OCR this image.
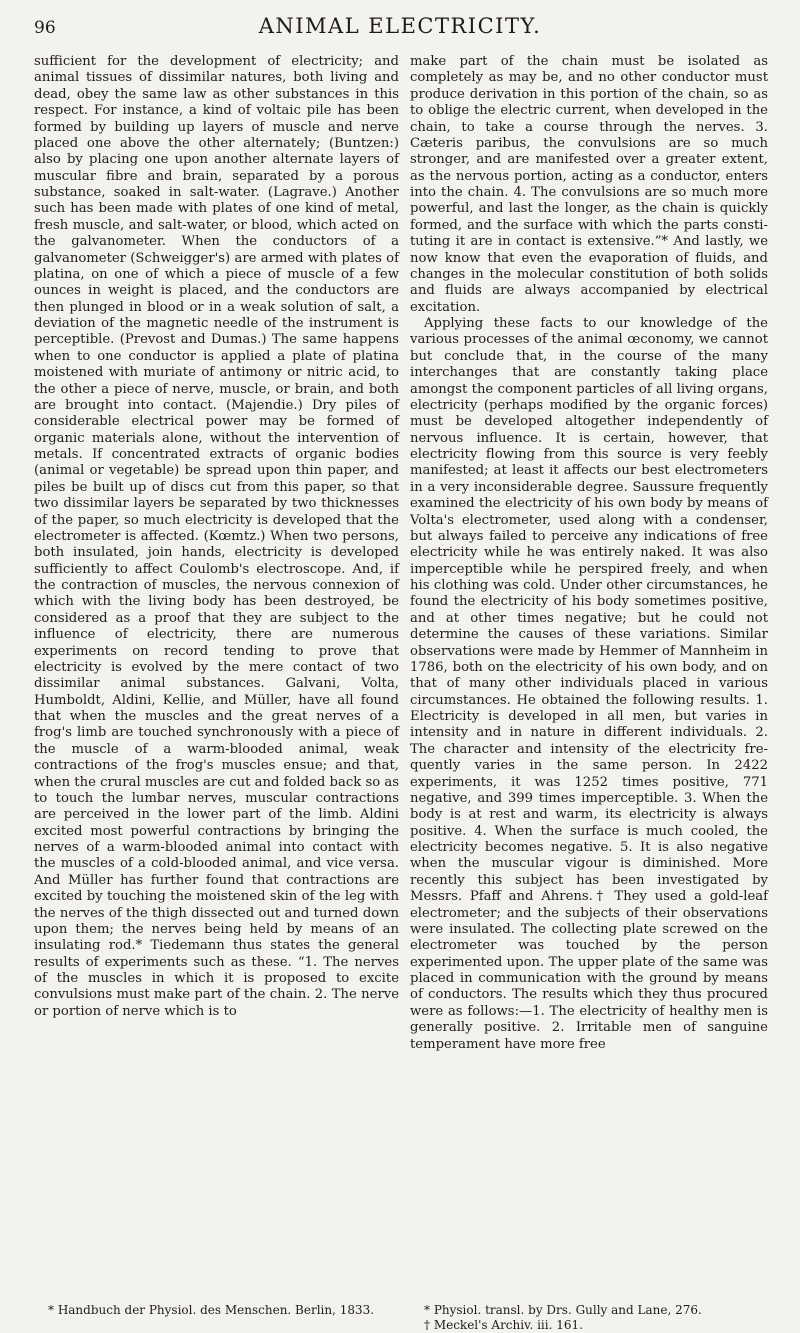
ANIMAL ELECTRICITY.
96

sufficient for the development of electricity; and animal tissues of dissimilar natures, both living and dead, obey the same law as other substances in this respect. For instance, a kind of voltaic pile has been formed by building up layers of muscle and nerve placed one above the other alternately; (Buntzen:) also by placing one upon another alternate layers of muscular fibre and brain, separated by a porous substance, soaked in salt-water. (Lagrave.) Another such has been made with plates of one kind of metal, fresh muscle, and salt-water, or blood, which acted on the galvanometer. When the conductors of a galvanometer (Schweigger's) are armed with plates of platina, on one of which a piece of muscle of a few ounces in weight is placed, and the conductors are then plunged in blood or in a weak solution of salt, a deviation of the magnetic needle of the instrument is perceptible. (Prevost and Dumas.) The same happens when to one conductor is applied a plate of platina moistened with muriate of antimony or nitric acid, to the other a piece of nerve, muscle, or brain, and both are brought into contact. (Majendie.) Dry piles of considerable electrical power may be formed of organic materials alone, without the intervention of metals. If concentrated extracts of organic bodies (animal or vegetable) be spread upon thin paper, and piles be built up of discs cut from this paper, so that two dissimilar layers be separated by two thicknesses of the paper, so much electricity is developed that the electrometer is affected. (Kœmtz.) When two persons, both insulated, join hands, electricity is developed sufficiently to affect Coulomb's electroscope. And, if the contraction of muscles, the nervous connexion of which with the living body has been destroyed, be considered as a proof that they are subject to the influence of electricity, there are numerous experiments on record tending to prove that electricity is evolved by the mere contact of two dissimilar animal substances. Galvani, Volta, Humboldt, Aldini, Kellie, and Müller, have all found that when the muscles and the great nerves of a frog's limb are touched synchronously with a piece of the muscle of a warm-blooded animal, weak contractions of the frog's muscles ensue; and that, when the crural muscles are cut and folded back so as to touch the lumbar nerves, muscular contractions are perceived in the lower part of the limb. Aldini excited most powerful contractions by bringing the nerves of a warm-blooded animal into contact with the muscles of a cold-blooded animal, and vice versa. And Müller has further found that contractions are excited by touching the moistened skin of the leg with the nerves of the thigh dissected out and turned down upon them; the nerves being held by means of an insulating rod.* Tiedemann thus states the general results of experiments such as these. “1. The nerves of the muscles in which it is proposed to excite convulsions must make part of the chain. 2. The nerve or portion of nerve which is to

make part of the chain must be isolated as completely as may be, and no other conductor must produce derivation in this portion of the chain, so as to oblige the electric current, when developed in the chain, to take a course through the nerves. 3. Cæteris paribus, the convulsions are so much stronger, and are manifested over a greater extent, as the nervous portion, acting as a conductor, enters into the chain. 4. The convulsions are so much more powerful, and last the longer, as the chain is quickly formed, and the surface with which the parts constituting it are in contact is extensive.”* And lastly, we now know that even the evaporation of fluids, and changes in the molecular constitution of both solids and fluids are always accompanied by electrical excitation.

Applying these facts to our knowledge of the various processes of the animal œconomy, we cannot but conclude that, in the course of the many interchanges that are constantly taking place amongst the component particles of all living organs, electricity (perhaps modified by the organic forces) must be developed altogether independently of nervous influence. It is certain, however, that electricity flowing from this source is very feebly manifested; at least it affects our best electrometers in a very inconsiderable degree. Saussure frequently examined the electricity of his own body by means of Volta's electrometer, used along with a condenser, but always failed to perceive any indications of free electricity while he was entirely naked. It was also imperceptible while he perspired freely, and when his clothing was cold. Under other circumstances, he found the electricity of his body sometimes positive, and at other times negative; but he could not determine the causes of these variations. Similar observations were made by Hemmer of Mannheim in 1786, both on the electricity of his own body, and on that of many other individuals placed in various circumstances. He obtained the following results. 1. Electricity is developed in all men, but varies in intensity and in nature in different individuals. 2. The character and intensity of the electricity frequently varies in the same person. In 2422 experiments, it was 1252 times positive, 771 negative, and 399 times imperceptible. 3. When the body is at rest and warm, its electricity is always positive. 4. When the surface is much cooled, the electricity becomes negative. 5. It is also negative when the muscular vigour is diminished. More recently this subject has been investigated by Messrs. Pfaff and Ahrens.† They used a gold-leaf electrometer; and the subjects of their observations were insulated. The collecting plate screwed on the electrometer was touched by the person experimented upon. The upper plate of the same was placed in communication with the ground by means of conductors. The results which they thus procured were as follows:—1. The electricity of healthy men is generally positive. 2. Irritable men of sanguine temperament have more free

* Handbuch der Physiol. des Menschen. Berlin, 1833.	* Physiol. transl. by Drs. Gully and Lane, 276.
† Meckel's Archiv. iii. 161.
